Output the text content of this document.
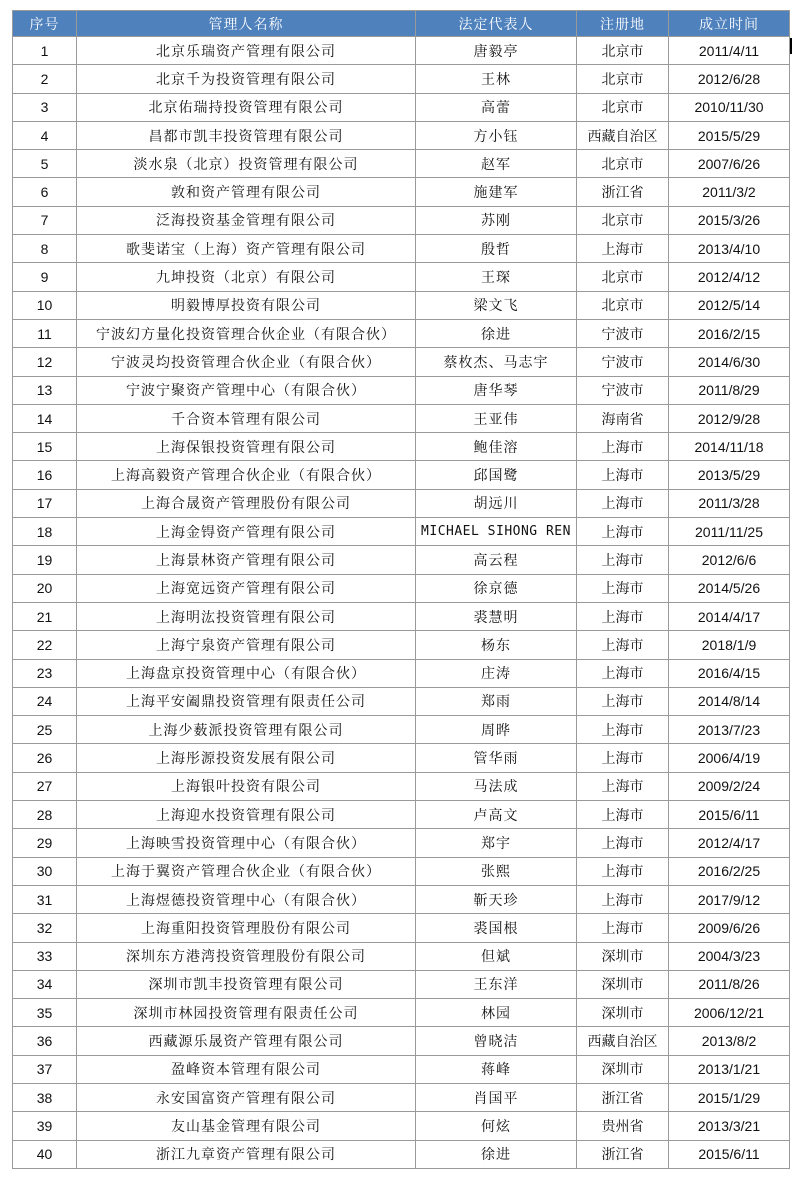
序号	管理人名称	法定代表人	注册地	成立时间
1	北京乐瑞资产管理有限公司	唐毅亭	北京市	2011/4/11
2	北京千为投资管理有限公司	王林	北京市	2012/6/28
3	北京佑瑞持投资管理有限公司	高蕾	北京市	2010/11/30
4	昌都市凯丰投资管理有限公司	方小钰	西藏自治区	2015/5/29
5	淡水泉（北京）投资管理有限公司	赵军	北京市	2007/6/26
6	敦和资产管理有限公司	施建军	浙江省	2011/3/2
7	泛海投资基金管理有限公司	苏刚	北京市	2015/3/26
8	歌斐诺宝（上海）资产管理有限公司	殷哲	上海市	2013/4/10
9	九坤投资（北京）有限公司	王琛	北京市	2012/4/12
10	明毅博厚投资有限公司	梁文飞	北京市	2012/5/14
11	宁波幻方量化投资管理合伙企业（有限合伙）	徐进	宁波市	2016/2/15
12	宁波灵均投资管理合伙企业（有限合伙）	蔡枚杰、马志宇	宁波市	2014/6/30
13	宁波宁聚资产管理中心（有限合伙）	唐华琴	宁波市	2011/8/29
14	千合资本管理有限公司	王亚伟	海南省	2012/9/28
15	上海保银投资管理有限公司	鲍佳溶	上海市	2014/11/18
16	上海高毅资产管理合伙企业（有限合伙）	邱国鹭	上海市	2013/5/29
17	上海合晟资产管理股份有限公司	胡远川	上海市	2011/3/28
18	上海金锝资产管理有限公司	MICHAEL SIHONG REN	上海市	2011/11/25
19	上海景林资产管理有限公司	高云程	上海市	2012/6/6
20	上海宽远资产管理有限公司	徐京德	上海市	2014/5/26
21	上海明汯投资管理有限公司	裘慧明	上海市	2014/4/17
22	上海宁泉资产管理有限公司	杨东	上海市	2018/1/9
23	上海盘京投资管理中心（有限合伙）	庄涛	上海市	2016/4/15
24	上海平安阖鼎投资管理有限责任公司	郑雨	上海市	2014/8/14
25	上海少薮派投资管理有限公司	周晔	上海市	2013/7/23
26	上海彤源投资发展有限公司	管华雨	上海市	2006/4/19
27	上海银叶投资有限公司	马法成	上海市	2009/2/24
28	上海迎水投资管理有限公司	卢高文	上海市	2015/6/11
29	上海映雪投资管理中心（有限合伙）	郑宇	上海市	2012/4/17
30	上海于翼资产管理合伙企业（有限合伙）	张熙	上海市	2016/2/25
31	上海煜德投资管理中心（有限合伙）	靳天珍	上海市	2017/9/12
32	上海重阳投资管理股份有限公司	裘国根	上海市	2009/6/26
33	深圳东方港湾投资管理股份有限公司	但斌	深圳市	2004/3/23
34	深圳市凯丰投资管理有限公司	王东洋	深圳市	2011/8/26
35	深圳市林园投资管理有限责任公司	林园	深圳市	2006/12/21
36	西藏源乐晟资产管理有限公司	曾晓洁	西藏自治区	2013/8/2
37	盈峰资本管理有限公司	蒋峰	深圳市	2013/1/21
38	永安国富资产管理有限公司	肖国平	浙江省	2015/1/29
39	友山基金管理有限公司	何炫	贵州省	2013/3/21
40	浙江九章资产管理有限公司	徐进	浙江省	2015/6/11
